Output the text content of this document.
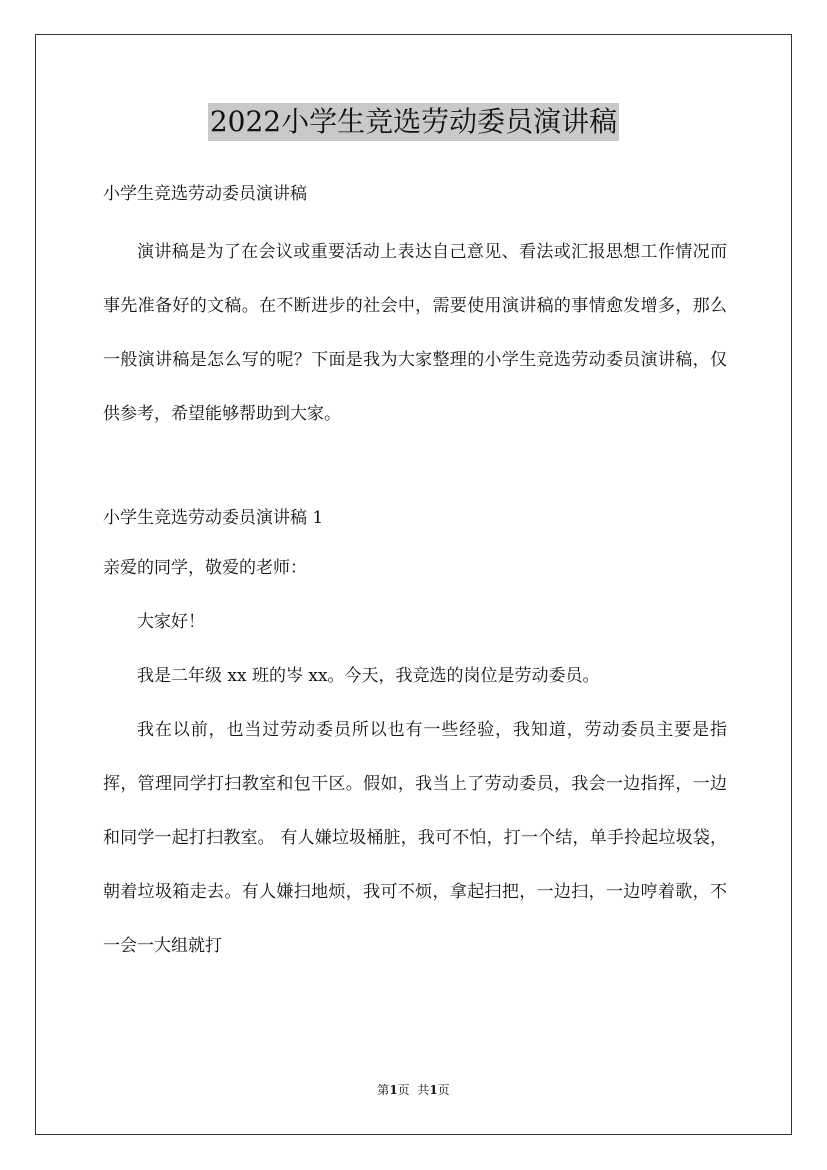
2022小学生竞选劳动委员演讲稿

小学生竞选劳动委员演讲稿

演讲稿是为了在会议或重要活动上表达自己意见、看法或汇报思想工作情况而事先准备好的文稿。在不断进步的社会中，需要使用演讲稿的事情愈发增多，那么一般演讲稿是怎么写的呢？下面是我为大家整理的小学生竞选劳动委员演讲稿，仅供参考，希望能够帮助到大家。

小学生竞选劳动委员演讲稿 1

亲爱的同学，敬爱的老师：

大家好！

我是二年级 xx 班的岑 xx。今天，我竞选的岗位是劳动委员。

我在以前，也当过劳动委员所以也有一些经验，我知道，劳动委员主要是指挥，管理同学打扫教室和包干区。假如，我当上了劳动委员，我会一边指挥，一边和同学一起打扫教室。 有人嫌垃圾桶脏，我可不怕，打一个结，单手拎起垃圾袋，朝着垃圾箱走去。有人嫌扫地烦，我可不烦，拿起扫把，一边扫，一边哼着歌，不一会一大组就打

第1页  共1页
